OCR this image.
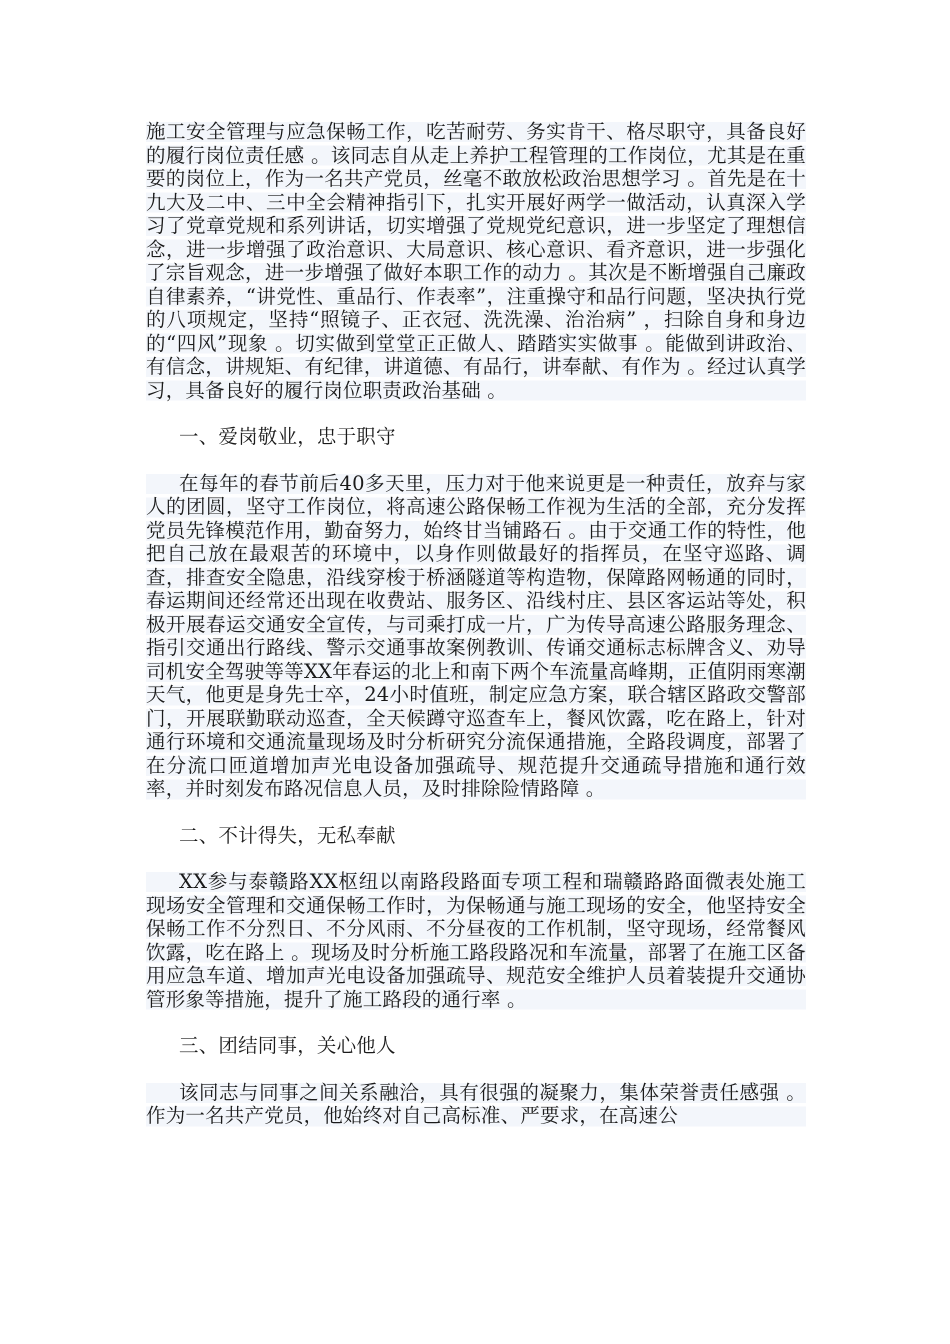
施工安全管理与应急保畅工作，吃苦耐劳、务实肯干、格尽职守，具备良好的履行岗位责任感 。该同志自从走上养护工程管理的工作岗位，尤其是在重要的岗位上，作为一名共产党员，丝毫不敢放松政治思想学习 。首先是在十九大及二中、三中全会精神指引下，扎实开展好两学一做活动，认真深入学习了党章党规和系列讲话，切实增强了党规党纪意识，进一步坚定了理想信念，进一步增强了政治意识、大局意识、核心意识、看齐意识，进一步强化了宗旨观念，进一步增强了做好本职工作的动力 。其次是不断增强自己廉政自律素养，“讲党性、重品行、作表率”，注重操守和品行问题，坚决执行党的八项规定，坚持“照镜子、正衣冠、洗洗澡、治治病” ，扫除自身和身边的“四风”现象 。切实做到堂堂正正做人、踏踏实实做事 。能做到讲政治、有信念，讲规矩、有纪律，讲道德、有品行，讲奉献、有作为 。经过认真学习，具备良好的履行岗位职责政治基础 。

一、爱岗敬业，忠于职守

在每年的春节前后40多天里，压力对于他来说更是一种责任，放弃与家人的团圆，坚守工作岗位，将高速公路保畅工作视为生活的全部，充分发挥党员先锋模范作用，勤奋努力，始终甘当铺路石 。由于交通工作的特性，他把自己放在最艰苦的环境中，以身作则做最好的指挥员，在坚守巡路、调查，排查安全隐患，沿线穿梭于桥涵隧道等构造物，保障路网畅通的同时，春运期间还经常还出现在收费站、服务区、沿线村庄、县区客运站等处，积极开展春运交通安全宣传，与司乘打成一片，广为传导高速公路服务理念、指引交通出行路线、警示交通事故案例教训、传诵交通标志标牌含义、劝导司机安全驾驶等等XX年春运的北上和南下两个车流量高峰期，正值阴雨寒潮天气，他更是身先士卒，24小时值班，制定应急方案，联合辖区路政交警部门，开展联勤联动巡查，全天候蹲守巡查车上，餐风饮露，吃在路上，针对通行环境和交通流量现场及时分析研究分流保通措施，全路段调度，部署了在分流口匝道增加声光电设备加强疏导、规范提升交通疏导措施和通行效率，并时刻发布路况信息人员，及时排除险情路障 。

二、不计得失，无私奉献

XX参与泰赣路XX枢纽以南路段路面专项工程和瑞赣路路面微表处施工现场安全管理和交通保畅工作时，为保畅通与施工现场的安全，他坚持安全保畅工作不分烈日、不分风雨、不分昼夜的工作机制，坚守现场，经常餐风饮露，吃在路上 。现场及时分析施工路段路况和车流量，部署了在施工区备用应急车道、增加声光电设备加强疏导、规范安全维护人员着装提升交通协管形象等措施，提升了施工路段的通行率 。

三、团结同事，关心他人

该同志与同事之间关系融洽，具有很强的凝聚力，集体荣誉责任感强 。作为一名共产党员，他始终对自己高标准、严要求，在高速公
